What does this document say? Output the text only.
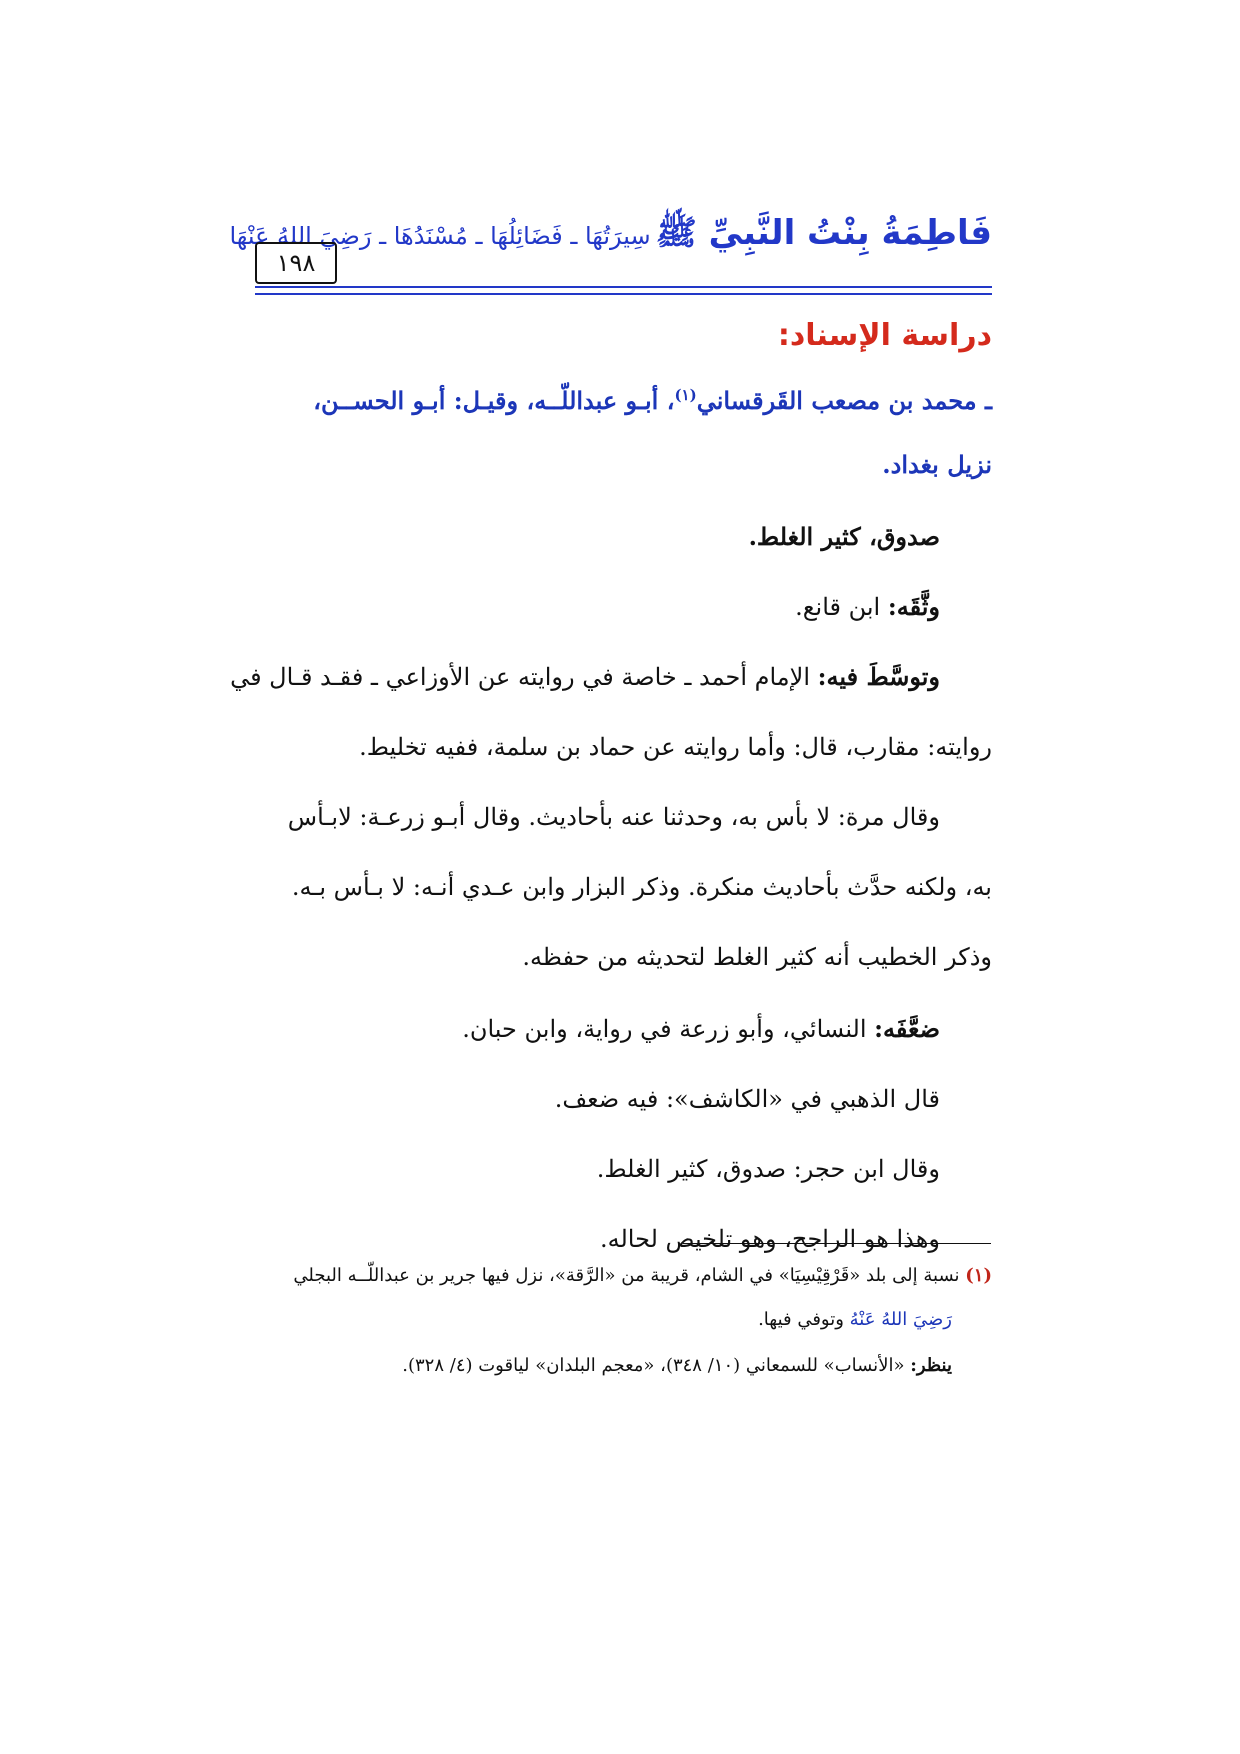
فَاطِمَةُ بِنْتُ النَّبِيِّ ﷺ سِيرَتُهَا ـ فَضَائِلُهَا ـ مُسْنَدُهَا ـ رَضِيَ اللهُ عَنْهَا
١٩٨
دراسة الإسناد:
ـ محمد بن مصعب القَرقساني$^{(١)}$، أبـو عبداللّــه، وقيـل: أبـو الحســن،
نزيل بغداد.
صدوق، كثير الغلط.
وثَّقَه: ابن قانع.
وتوسَّطَ فيه: الإمام أحمد ـ خاصة في روايته عن الأوزاعي ـ فقـد قـال في
روايته: مقارب، قال: وأما روايته عن حماد بن سلمة، ففيه تخليط.
وقال مرة: لا بأس به، وحدثنا عنه بأحاديث. وقال أبـو زرعـة: لابـأس
به، ولكنه حدَّث بأحاديث منكرة. وذكر البزار وابن عـدي أنـه: لا بـأس بـه.
وذكر الخطيب أنه كثير الغلط لتحديثه من حفظه.
ضعَّفَه: النسائي، وأبو زرعة في رواية، وابن حبان.
قال الذهبي في «الكاشف»: فيه ضعف.
وقال ابن حجر: صدوق، كثير الغلط.
وهذا هو الراجح، وهو تلخيص لحاله.
(١) نسبة إلى بلد «قَرْقِيْسِيَا» في الشام، قريبة من «الرَّقة»، نزل فيها جرير بن عبداللّــه البجلي
رَضِيَ اللهُ عَنْهُ وتوفي فيها.
ينظر: «الأنساب» للسمعاني (١٠/ ٣٤٨)، «معجم البلدان» لياقوت (٤/ ٣٢٨).
